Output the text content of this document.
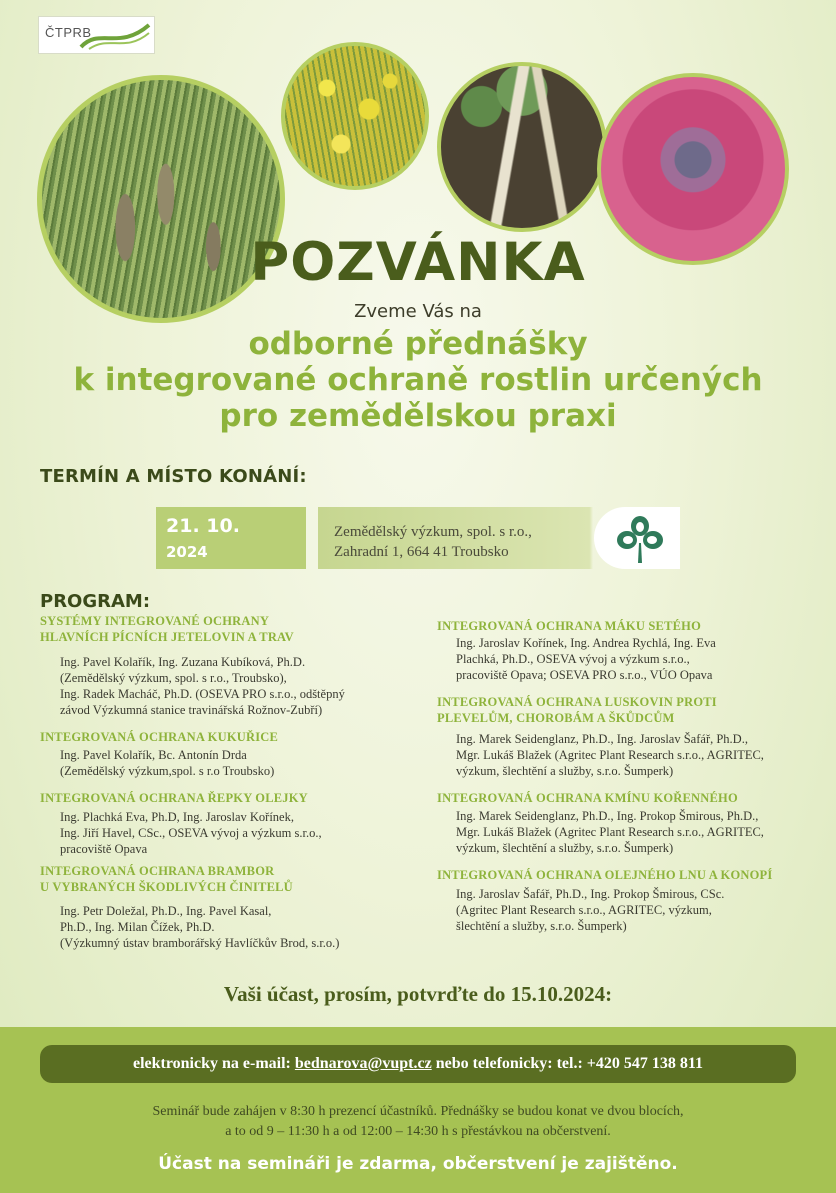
ČTPRB
POZVÁNKA
Zveme Vás na
odborné přednášky
k integrované ochraně rostlin určených
pro zemědělskou praxi
TERMÍN A MÍSTO KONÁNÍ:
21. 10.
2024
Zemědělský výzkum, spol. s r.o.,
Zahradní 1, 664 41 Troubsko
PROGRAM:
SYSTÉMY INTEGROVANÉ OCHRANY
HLAVNÍCH PÍCNÍCH JETELOVIN A TRAV
Ing. Pavel Kolařík, Ing. Zuzana Kubíková, Ph.D.
(Zemědělský výzkum, spol. s r.o., Troubsko),
Ing. Radek Macháč, Ph.D. (OSEVA PRO s.r.o., odštěpný
závod Výzkumná stanice travinářská Rožnov-Zubří)
INTEGROVANÁ OCHRANA KUKUŘICE
Ing. Pavel Kolařík, Bc. Antonín Drda
(Zemědělský výzkum,spol. s r.o Troubsko)
INTEGROVANÁ OCHRANA ŘEPKY OLEJKY
Ing. Plachká Eva, Ph.D, Ing. Jaroslav Kořínek,
Ing. Jiří Havel, CSc., OSEVA vývoj a výzkum s.r.o.,
pracoviště Opava
INTEGROVANÁ OCHRANA BRAMBOR
U VYBRANÝCH ŠKODLIVÝCH ČINITELŮ
Ing. Petr Doležal, Ph.D., Ing. Pavel Kasal,
Ph.D., Ing. Milan Čížek, Ph.D.
(Výzkumný ústav bramborářský Havlíčkův Brod, s.r.o.)
INTEGROVANÁ OCHRANA MÁKU SETÉHO
Ing. Jaroslav Kořínek, Ing. Andrea Rychlá, Ing. Eva
Plachká, Ph.D., OSEVA vývoj a výzkum s.r.o.,
pracoviště Opava; OSEVA PRO s.r.o., VÚO Opava
INTEGROVANÁ OCHRANA LUSKOVIN PROTI
PLEVELŮM, CHOROBÁM A ŠKŮDCŮM
Ing. Marek Seidenglanz, Ph.D., Ing. Jaroslav Šafář, Ph.D.,
Mgr. Lukáš Blažek (Agritec Plant Research s.r.o., AGRITEC,
výzkum, šlechtění a služby, s.r.o. Šumperk)
INTEGROVANÁ OCHRANA KMÍNU KOŘENNÉHO
Ing. Marek Seidenglanz, Ph.D., Ing. Prokop Šmirous, Ph.D.,
Mgr. Lukáš Blažek (Agritec Plant Research s.r.o., AGRITEC,
výzkum, šlechtění a služby, s.r.o. Šumperk)
INTEGROVANÁ OCHRANA OLEJNÉHO LNU A KONOPÍ
Ing. Jaroslav Šafář, Ph.D., Ing. Prokop Šmirous, CSc.
(Agritec Plant Research s.r.o., AGRITEC, výzkum,
šlechtění a služby, s.r.o. Šumperk)
Vaši účast, prosím, potvrďte do 15.10.2024:
elektronicky na e-mail: bednarova@vupt.cz nebo telefonicky: tel.: +420 547 138 811
Seminář bude zahájen v 8:30 h prezencí účastníků. Přednášky se budou konat ve dvou blocích,
a to od 9 – 11:30 h a od 12:00 – 14:30 h s přestávkou na občerstvení.
Účast na semináři je zdarma, občerstvení je zajištěno.
